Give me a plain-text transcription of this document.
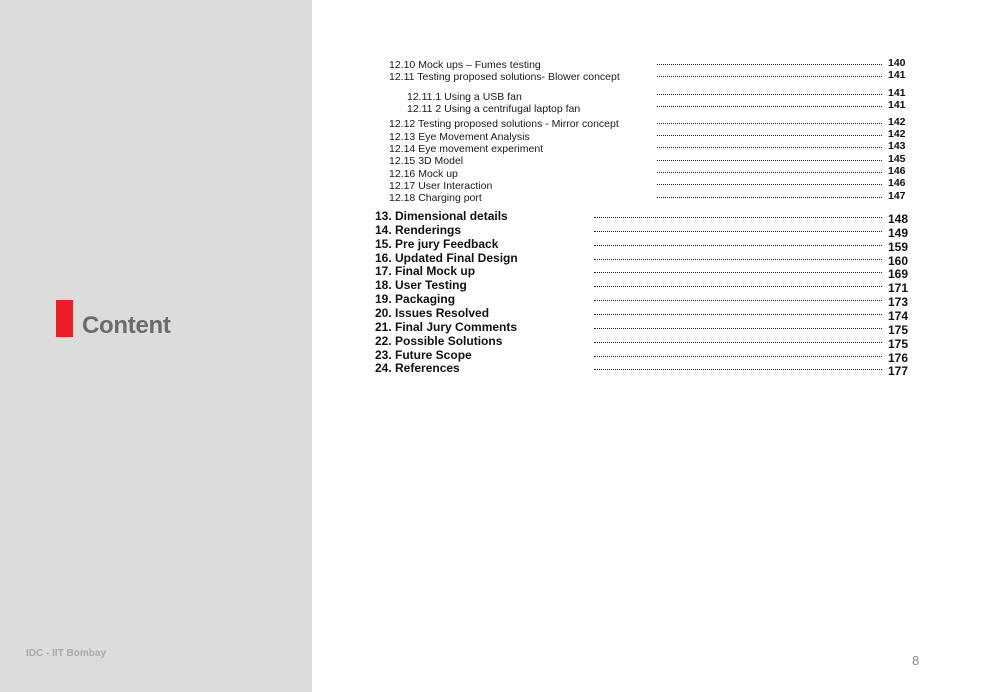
Content
IDC - IIT Bombay	8
12.10 Mock ups – Fumes testing	140
12.11 Testing proposed solutions- Blower concept	141
12.11.1 Using a USB fan	141
12.11 2 Using a centrifugal laptop fan	141
12.12 Testing proposed solutions - Mirror concept	142
12.13 Eye Movement Analysis	142
12.14 Eye movement experiment	143
12.15 3D Model	145
12.16 Mock up	146
12.17 User Interaction	146
12.18 Charging port	147
13. Dimensional details	148
14. Renderings	149
15. Pre jury Feedback	159
16. Updated Final Design	160
17. Final Mock up	169
18. User Testing	171
19. Packaging	173
20. Issues Resolved	174
21. Final Jury Comments	175
22. Possible Solutions	175
23. Future Scope	176
24. References	177
